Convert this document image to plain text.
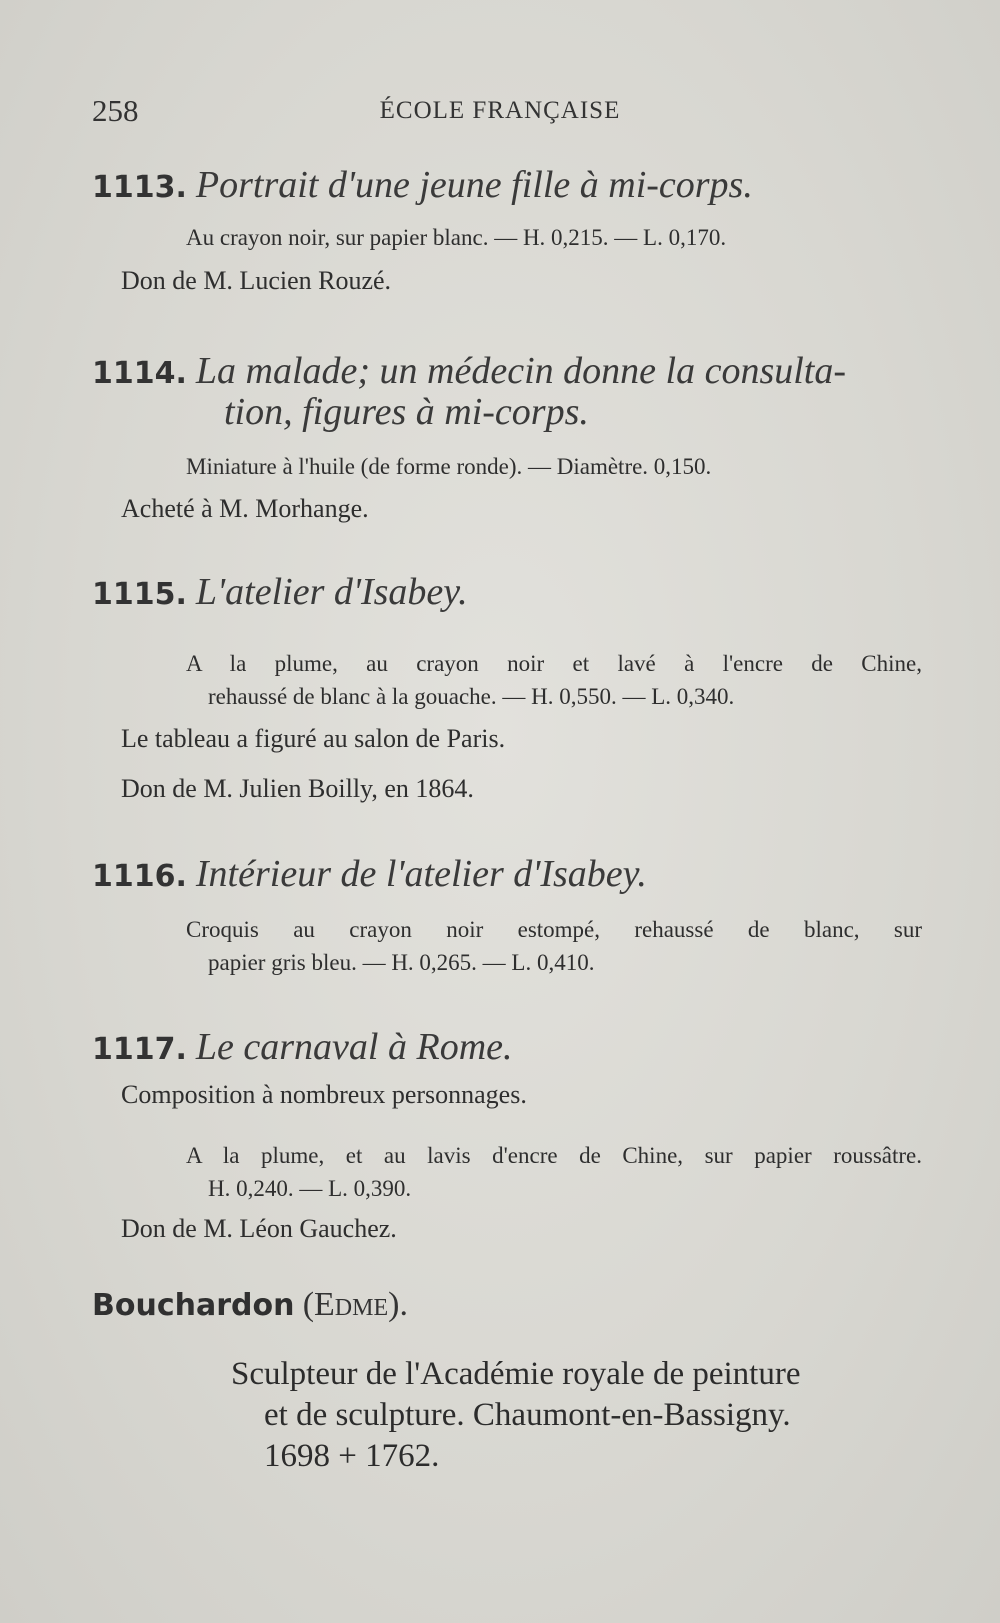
258	ÉCOLE FRANÇAISE
1113. Portrait d'une jeune fille à mi-corps.
Au crayon noir, sur papier blanc. — H. 0,215. — L. 0,170.
Don de M. Lucien Rouzé.
1114. La malade; un médecin donne la consulta-
tion, figures à mi-corps.
Miniature à l'huile (de forme ronde). — Diamètre. 0,150.
Acheté à M. Morhange.
1115. L'atelier d'Isabey.
A la plume, au crayon noir et lavé à l'encre de Chine,
rehaussé de blanc à la gouache. — H. 0,550. — L. 0,340.
Le tableau a figuré au salon de Paris.
Don de M. Julien Boilly, en 1864.
1116. Intérieur de l'atelier d'Isabey.
Croquis au crayon noir estompé, rehaussé de blanc, sur
papier gris bleu. — H. 0,265. — L. 0,410.
1117. Le carnaval à Rome.
Composition à nombreux personnages.
A la plume, et au lavis d'encre de Chine, sur papier roussâtre.
H. 0,240. — L. 0,390.
Don de M. Léon Gauchez.
Bouchardon (Edme).
Sculpteur de l'Académie royale de peinture
et de sculpture. Chaumont-en-Bassigny.
1698 + 1762.
